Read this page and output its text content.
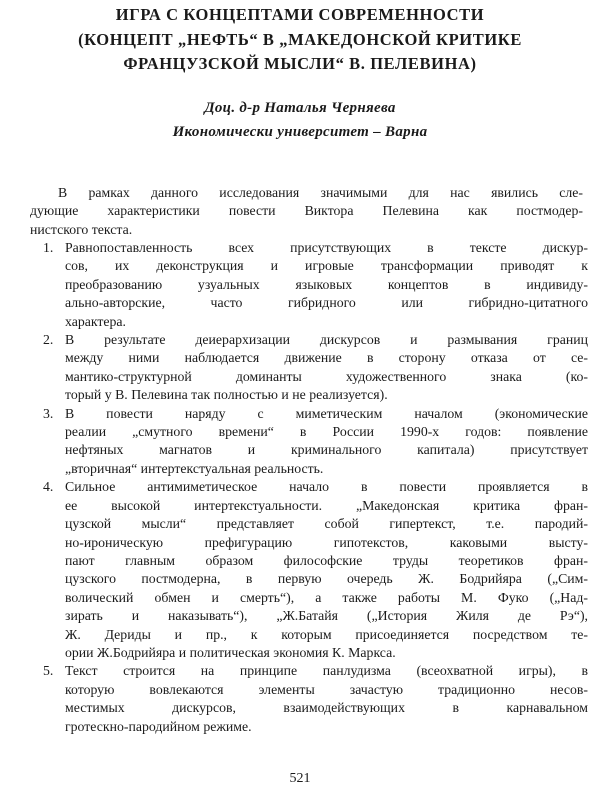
ИГРА С КОНЦЕПТАМИ СОВРЕМЕННОСТИ
(КОНЦЕПТ „НЕФТЬ“ В „МАКЕДОНСКОЙ КРИТИКЕ
ФРАНЦУЗСКОЙ МЫСЛИ“ В. ПЕЛЕВИНА)
Доц. д-р Наталья Черняева
Икономически университет – Варна

В рамках данного исследования значимыми для нас явились сле-
дующие характеристики повести Виктора Пелевина как постмодер-
нистского текста.

1. Равнопоставленность всех присутствующих в тексте дискур-
сов, их деконструкция и игровые трансформации приводят к
преобразованию узуальных языковых концептов в индивиду-
ально-авторские, часто гибридного или гибридно-цитатного
характера.
2. В результате деиерархизации дискурсов и размывания границ
между ними наблюдается движение в сторону отказа от се-
мантико-структурной доминанты художественного знака (ко-
торый у В. Пелевина так полностью и не реализуется).
3. В повести наряду с миметическим началом (экономические
реалии „смутного времени“ в России 1990-х годов: появление
нефтяных магнатов и криминального капитала) присутствует
„вторичная“ интертекстуальная реальность.
4. Сильное антимиметическое начало в повести проявляется в
ее высокой интертекстуальности. „Македонская критика фран-
цузской мысли“ представляет собой гипертекст, т.е. пародий-
но-ироническую префигурацию гипотекстов, каковыми высту-
пают главным образом философские труды теоретиков фран-
цузского постмодерна, в первую очередь Ж. Бодрийяра („Сим-
волический обмен и смерть“), а также работы М. Фуко („Над-
зирать и наказывать“), „Ж.Батайя („История Жиля де Рэ“),
Ж. Дериды и пр., к которым присоединяется посредством те-
ории Ж.Бодрийяра и политическая экономия К. Маркса.
5. Текст строится на принципе панлудизма (всеохватной игры), в
которую вовлекаются элементы зачастую традиционно несов-
местимых дискурсов, взаимодействующих в карнавальном
гротескно-пародийном режиме.
521
